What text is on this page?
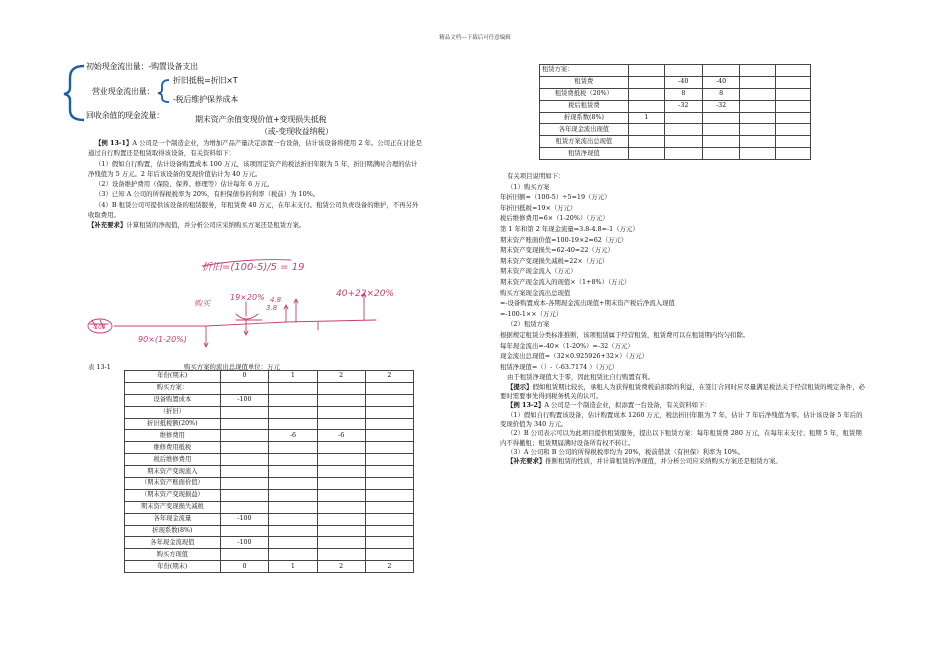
精品文档---下载后可任意编辑
初始现金流出量：-购置设备支出
营业现金流出量：
折旧抵税=折旧×T
-税后维护保养成本
回收余值的现金流量：	期末资产余值变现价值+变现损失抵税
（或-变现收益纳税）

【例 13-1】A 公司是一个制造企业，为增加产品产量决定添置一台设备，估计该设备将使用 2 年。公司正在讨论是通过自行购置还是租赁取得该设备，有关资料如下：

（1）假如自行购置，估计设备购置成本 100 万元，该项固定资产的税法折旧年限为 5 年，折旧期满时合理的估计净残值为 5 万元。2 年后该设备的变现价值估计为 40 万元。

（2）设备维护费用（保险、保养、修理等）估计每年 6 万元。

（3）已知 A 公司的所得税税率为 20%，有担保债券的利率（税前）为 10%。

（4）B 租赁公司可提供该设备的租赁服务，年租赁费 40 万元，在年末支付。租赁公司负责设备的维护，不再另外收取费用。

【补充要求】计算租赁的净现值，并分析公司应采纳购买方案还是租赁方案。

折旧=(100-5)/5 = 19
40+22×20%
购买
19×20%
3.8
4.8
90×(1-20%)
-100
表 13-1	购买方案的流出总现值单位：万元
年份(期末)	0	1	2	2
购买方案：				
设备购置成本	-100			
（折旧）				
折旧抵税额(20%)				
维修费用		-6	-6	
维修费用抵税				
税后维修费用				
期末资产变现流入				
（期末资产账面价值）				
（期末资产变现损益）				
期末资产变现损失减税				
各年现金流量	-100			
折现系数(8%)				
各年现金流现值	-100			
购买方现值				
年份(期末)	0	1	2	2
租赁方案：					
租赁费		-40	-40		
租赁费抵税（20%）		8	8		
税后租赁费		-32	-32		
折现系数(8%)	1				
各年现金流出现值					
租赁方案流出总现值					
租赁净现值					

有关项目说明如下：

（1）购买方案

年折旧额=（100-5）÷5=19（万元）

年折旧抵税=19×（万元）

税后维修费用=6×（1-20%）（万元）

第 1 年和第 2 年现金流量=3.8-4.8=-1（万元）

期末资产账面价值=100-19×2=62（万元）

期末资产变现损失=62-40=22（万元）

期末资产变现损失减税=22×（万元）

期末资产现金流入（万元）

期末资产现金流入的现值×（1+8%）（万元）

购买方案现金流出总现值

=-设备购置成本-各期现金流出现值+期末资产税后净流入现值

=-100-1××（万元）

（2）租赁方案

根据规定租赁分类标准推断，该项租赁属于经营租赁，租赁费可以在租赁期内均匀扣除。

每年现金流出=-40×（1-20%）=-32（万元）

现金流出总现值=（32×0.925926+32×）（万元）

租赁净现值=（）-（-63.7174 ）（万元）

由于租赁净现值大于零，因此租赁比自行购置有利。

【提示】假如租赁期比较长，承租人为获得租赁费税前扣除的利益，在签订合同时应尽量满足税法关于经营租赁的规定条件，必要时需要事先得到税务机关的认可。

【例 13-2】A 公司是一个制造企业，拟添置一台设备，有关资料如下：

（1）假如自行购置该设备，估计购置成本 1260 万元，税法折旧年限为 7 年，估计 7 年后净残值为零。估计该设备 5 年后的变现价值为 340 万元。

（2）B 公司表示可以为此项目提供租赁服务，提出以下租赁方案：每年租赁费 280 万元，在每年末支付；租期 5 年，租赁期内不得撤租；租赁期届满时设备所有权不转让。

（3）A 公司和 B 公司的所得税税率均为 20%，税前借款（有担保）利率为 10%。

【补充要求】推断租赁的性质，并计算租赁的净现值，并分析公司应采纳购买方案还是租赁方案。
